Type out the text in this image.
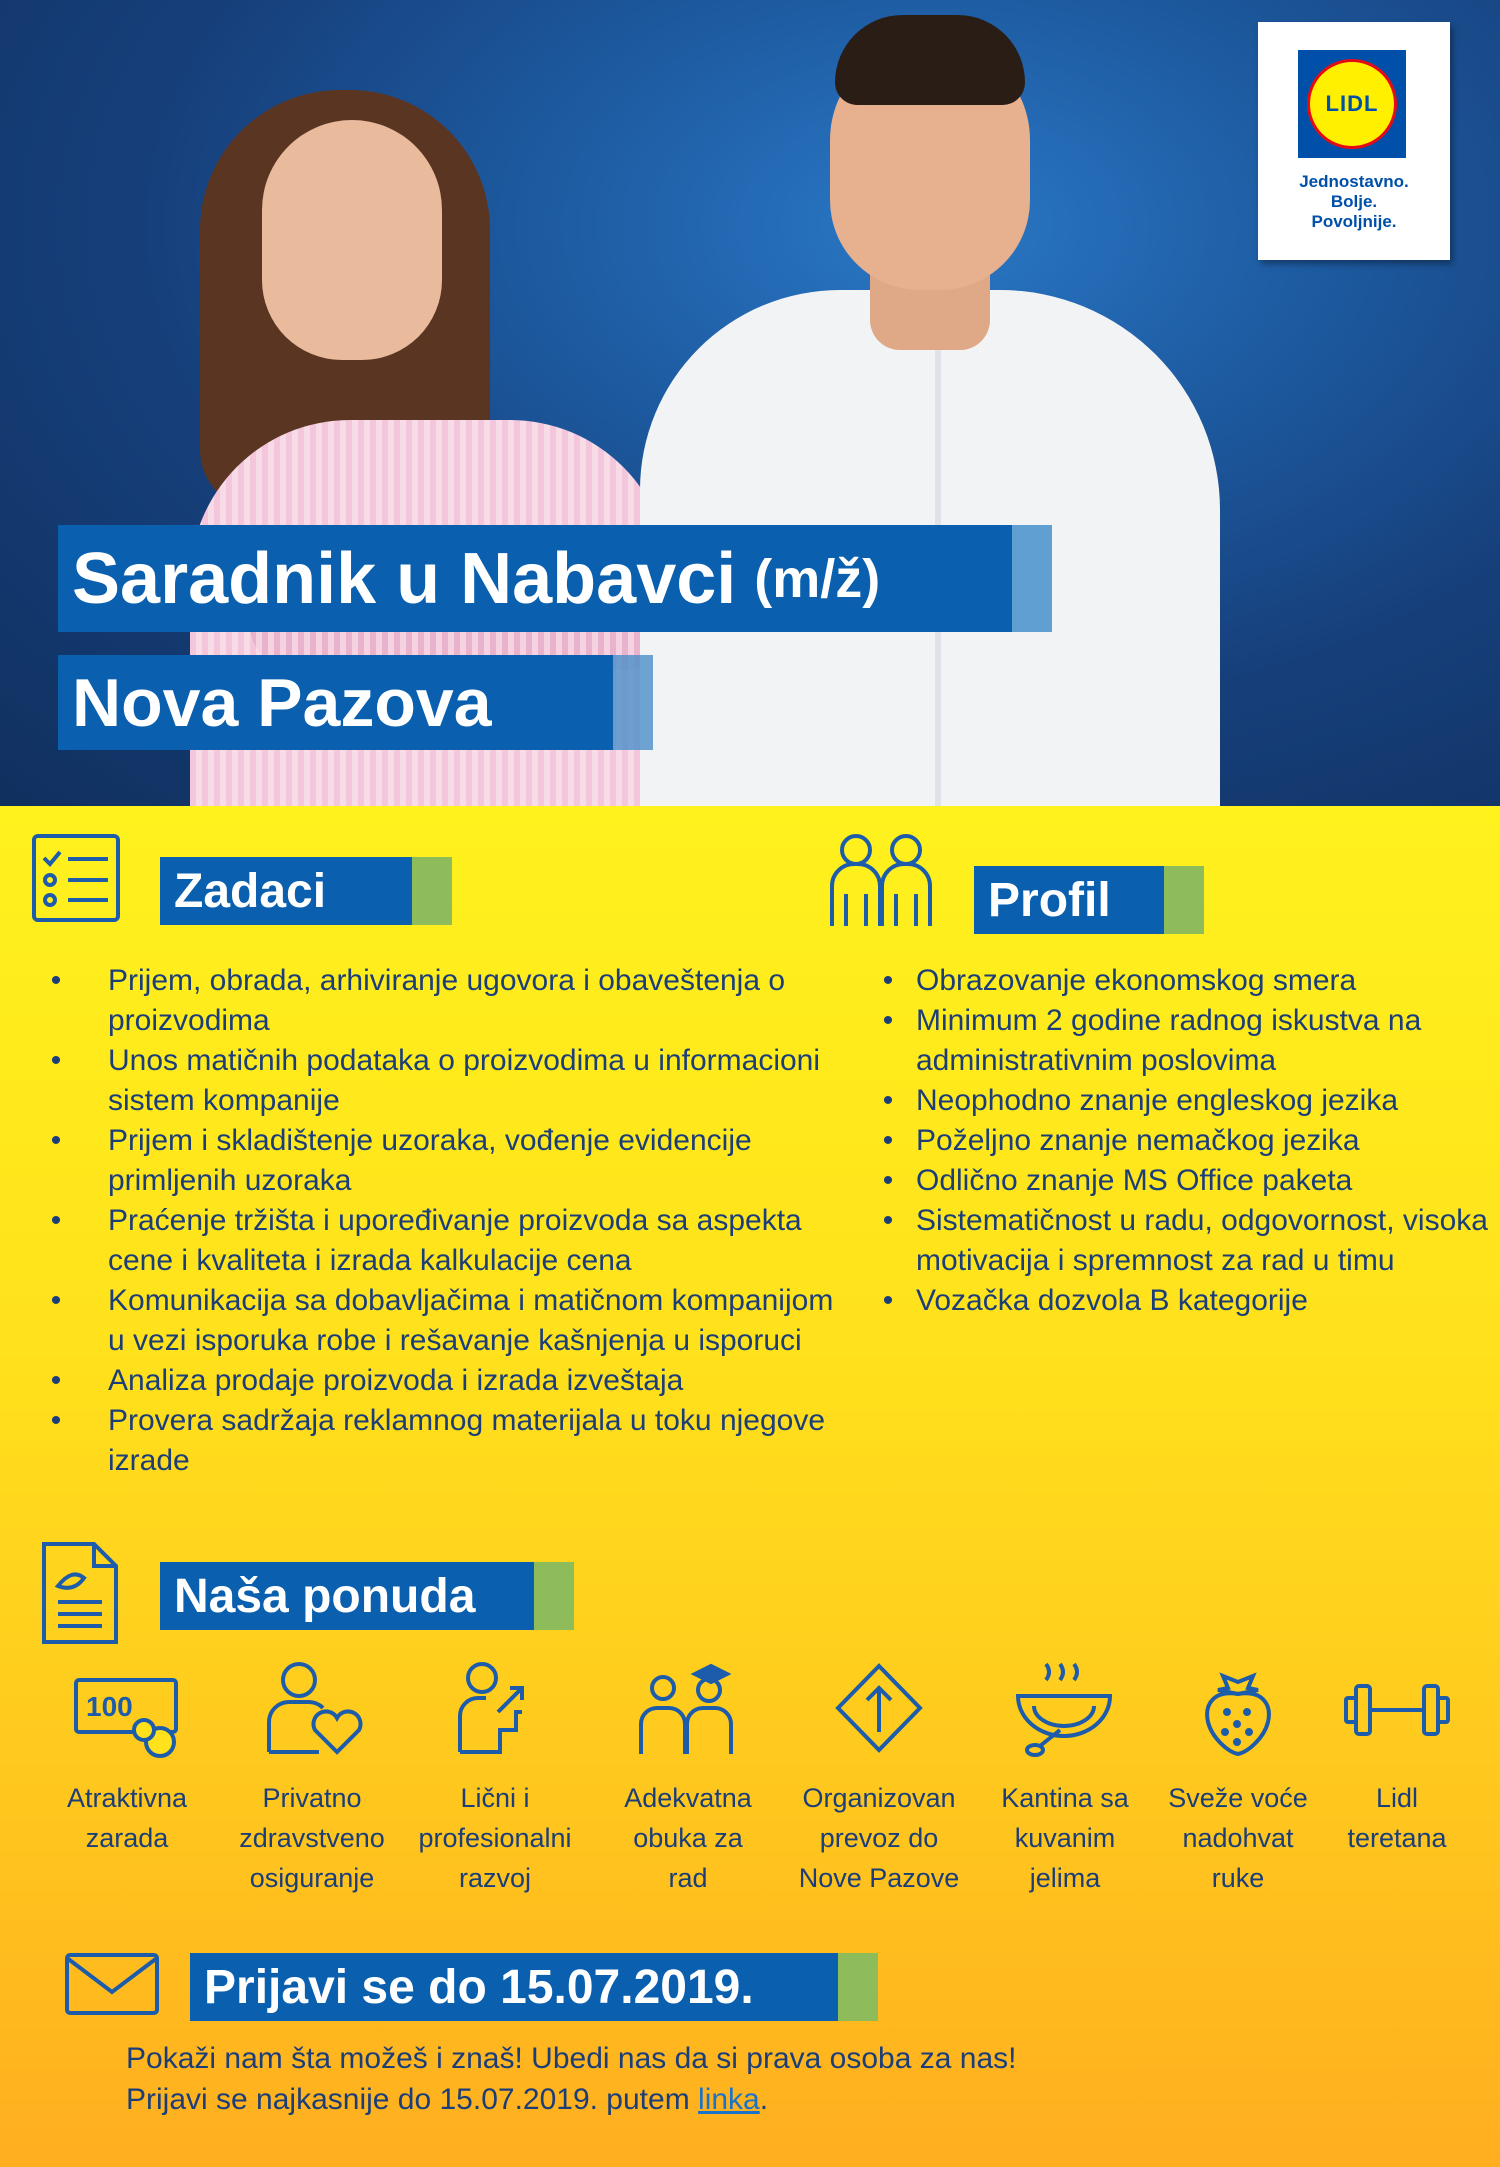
LIDL
Jednostavno.
Bolje.
Povoljnije.
Saradnik u Nabavci (m/ž)
Nova Pazova
Zadaci
• Prijem, obrada, arhiviranje ugovora i obaveštenja o proizvodima
• Unos matičnih podataka o proizvodima u informacioni sistem kompanije
• Prijem i skladištenje uzoraka, vođenje evidencije primljenih uzoraka
• Praćenje tržišta i upoređivanje proizvoda sa aspekta cene i kvaliteta i izrada kalkulacije cena
• Komunikacija sa dobavljačima i matičnom kompanijom u vezi isporuka robe i rešavanje kašnjenja u isporuci
• Analiza prodaje proizvoda i izrada izveštaja
• Provera sadržaja reklamnog materijala u toku njegove izrade
Profil
• Obrazovanje ekonomskog smera
• Minimum 2 godine radnog iskustva na administrativnim poslovima
• Neophodno znanje engleskog jezika
• Poželjno znanje nemačkog jezika
• Odlično znanje MS Office paketa
• Sistematičnost u radu, odgovornost, visoka motivacija i spremnost za rad u timu
• Vozačka dozvola B kategorije
Naša ponuda
100
Atraktivna
zarada
Privatno
zdravstveno
osiguranje
Lični i
profesionalni
razvoj
Adekvatna
obuka za
rad
Organizovan
prevoz do
Nove Pazove
Kantina sa
kuvanim
jelima
Sveže voće
nadohvat
ruke
Lidl
teretana
Prijavi se do 15.07.2019.
Pokaži nam šta možeš i znaš! Ubedi nas da si prava osoba za nas!
Prijavi se najkasnije do 15.07.2019. putem linka.
